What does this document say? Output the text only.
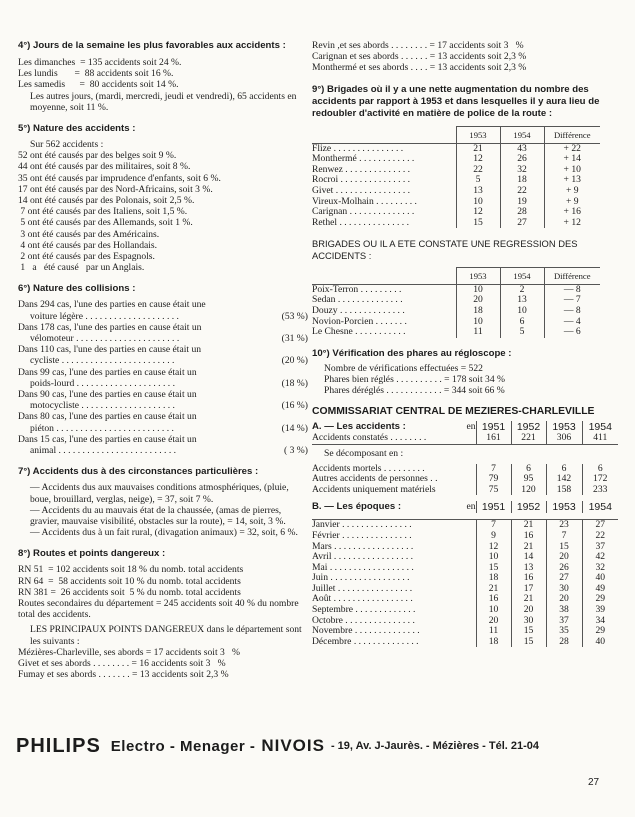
4°) Jours de la semaine les plus favorables aux accidents :
Les dimanches  = 135 accidents soit 24 %.
Les lundis       =  88 accidents soit 16 %.
Les samedis      =  80 accidents soit 14 %.
Les autres jours, (mardi, mercredi, jeudi et vendredi), 65 accidents en moyenne, soit 11 %.
5°) Nature des accidents :
Sur 562 accidents :
52 ont été causés par des belges soit 9 %.
44 ont été causés par des militaires, soit 8 %.
35 ont été causés par imprudence d'enfants, soit 6 %.
17 ont été causés par des Nord-Africains, soit 3 %.
14 ont été causés par des Polonais, soit 2,5 %.
7 ont été causés par des Italiens, soit 1,5 %.
5 ont été causés par des Allemands, soit 1 %.
3 ont été causés par des Américains.
4 ont été causés par des Hollandais.
2 ont été causés par des Espagnols.
1   a   été causé   par un Anglais.
6°) Nature des collisions :
Dans 294 cas, l'une des parties en cause était une
voiture légère . . . . . . . . . . . . . . . . . . . .	(53 %)
Dans 178 cas, l'une des parties en cause était un
vélomoteur . . . . . . . . . . . . . . . . . . . . . .	(31 %)
Dans 110 cas, l'une des parties en cause était un
cycliste . . . . . . . . . . . . . . . . . . . . . . . .	(20 %)
Dans 99 cas, l'une des parties en cause était un
poids-lourd . . . . . . . . . . . . . . . . . . . . .	(18 %)
Dans 90 cas, l'une des parties en cause était un
motocycliste . . . . . . . . . . . . . . . . . . . .	(16 %)
Dans 80 cas, l'une des parties en cause était un
piéton . . . . . . . . . . . . . . . . . . . . . . . . .	(14 %)
Dans 15 cas, l'une des parties en cause était un
animal . . . . . . . . . . . . . . . . . . . . . . . . .	( 3 %)
7°) Accidents dus à des circonstances particulières :
— Accidents dus aux mauvaises conditions atmosphériques, (pluie, boue, brouillard, verglas, neige), = 37, soit 7 %.
— Accidents du au mauvais état de la chaussée, (amas de pierres, gravier, mauvaise visibilité, obstacles sur la route), = 14, soit, 3 %.
— Accidents dus à un fait rural, (divagation animaux) = 32, soit, 6 %.
8°) Routes et points dangereux :
RN 51  = 102 accidents soit 18 % du nomb. total accidents
RN 64  =  58 accidents soit 10 % du nomb. total accidents
RN 381 =  26 accidents soit  5 % du nomb. total accidents
Routes secondaires du département = 245 accidents soit 40 % du nombre total des accidents.
LES PRINCIPAUX POINTS DANGEREUX dans le département sont les suivants :
Mézières-Charleville, ses abords = 17 accidents soit 3   %
Givet et ses abords . . . . . . . . = 16 accidents soit 3   %
Fumay et ses abords . . . . . . . = 13 accidents soit 2,3 %
Revin ,et ses abords . . . . . . . . = 17 accidents soit 3   %
Carignan et ses abords . . . . . . = 13 accidents soit 2,3 %
Monthermé et ses abords . . . . = 13 accidents soit 2,3 %
9°) Brigades où il y a une nette augmentation du nombre des accidents par rapport à 1953 et dans lesquelles il y aura lieu de redoubler d'activité en matière de police de la route :
	1953	1954	Différence
Flize . . . . . . . . . . . . . . .	21	43	+ 22
Monthermé . . . . . . . . . . . .	12	26	+ 14
Renwez . . . . . . . . . . . . . .	22	32	+ 10
Rocroi . . . . . . . . . . . . . . .	5	18	+ 13
Givet . . . . . . . . . . . . . . . .	13	22	+ 9
Vireux-Molhain . . . . . . . . .	10	19	+ 9
Carignan . . . . . . . . . . . . . .	12	28	+ 16
Rethel . . . . . . . . . . . . . . .	15	27	+ 12
BRIGADES OU IL A ETE CONSTATE UNE REGRESSION DES ACCIDENTS :
	1953	1954	Différence
Poix-Terron . . . . . . . . .	10	2	— 8
Sedan . . . . . . . . . . . . . .	20	13	— 7
Douzy . . . . . . . . . . . . . .	18	10	— 8
Novion-Porcien . . . . . . .	10	6	— 4
Le Chesne . . . . . . . . . . .	11	5	— 6
10°) Vérification des phares au régloscope :
Nombre de vérifications effectuées = 522
Phares bien réglés . . . . . . . . . . = 178 soit 34 %
Phares déréglés . . . . . . . . . . . . = 344 soit 66 %
COMMISSARIAT CENTRAL DE MEZIERES-CHARLEVILLE
A. — Les accidents :	en	1951	1952	1953	1954
Accidents constatés . . . . . . . .		161	221	306	411

Se décomposant en :					

Accidents mortels . . . . . . . . .		7	6	6	6
Autres accidents de personnes . .		79	95	142	172
Accidents uniquement matériels		75	120	158	233
B. — Les époques :	en	1951	1952	1953	1954

Janvier . . . . . . . . . . . . . . .		7	21	23	27
Février . . . . . . . . . . . . . . .		9	16	7	22
Mars . . . . . . . . . . . . . . . . .		12	21	15	37
Avril . . . . . . . . . . . . . . . . .		10	14	20	42
Mai . . . . . . . . . . . . . . . . . .		15	13	26	32
Juin . . . . . . . . . . . . . . . . .		18	16	27	40
Juillet . . . . . . . . . . . . . . . .		21	17	30	49
Août . . . . . . . . . . . . . . . . .		16	21	20	29
Septembre . . . . . . . . . . . . .		10	20	38	39
Octobre . . . . . . . . . . . . . . .		20	30	37	34
Novembre . . . . . . . . . . . . . .		11	15	35	29
Décembre . . . . . . . . . . . . . .		18	15	28	40
PHILIPS Electro - Menager - NIVOIS - 19, Av. J-Jaurès. - Mézières - Tél. 21-04
27
